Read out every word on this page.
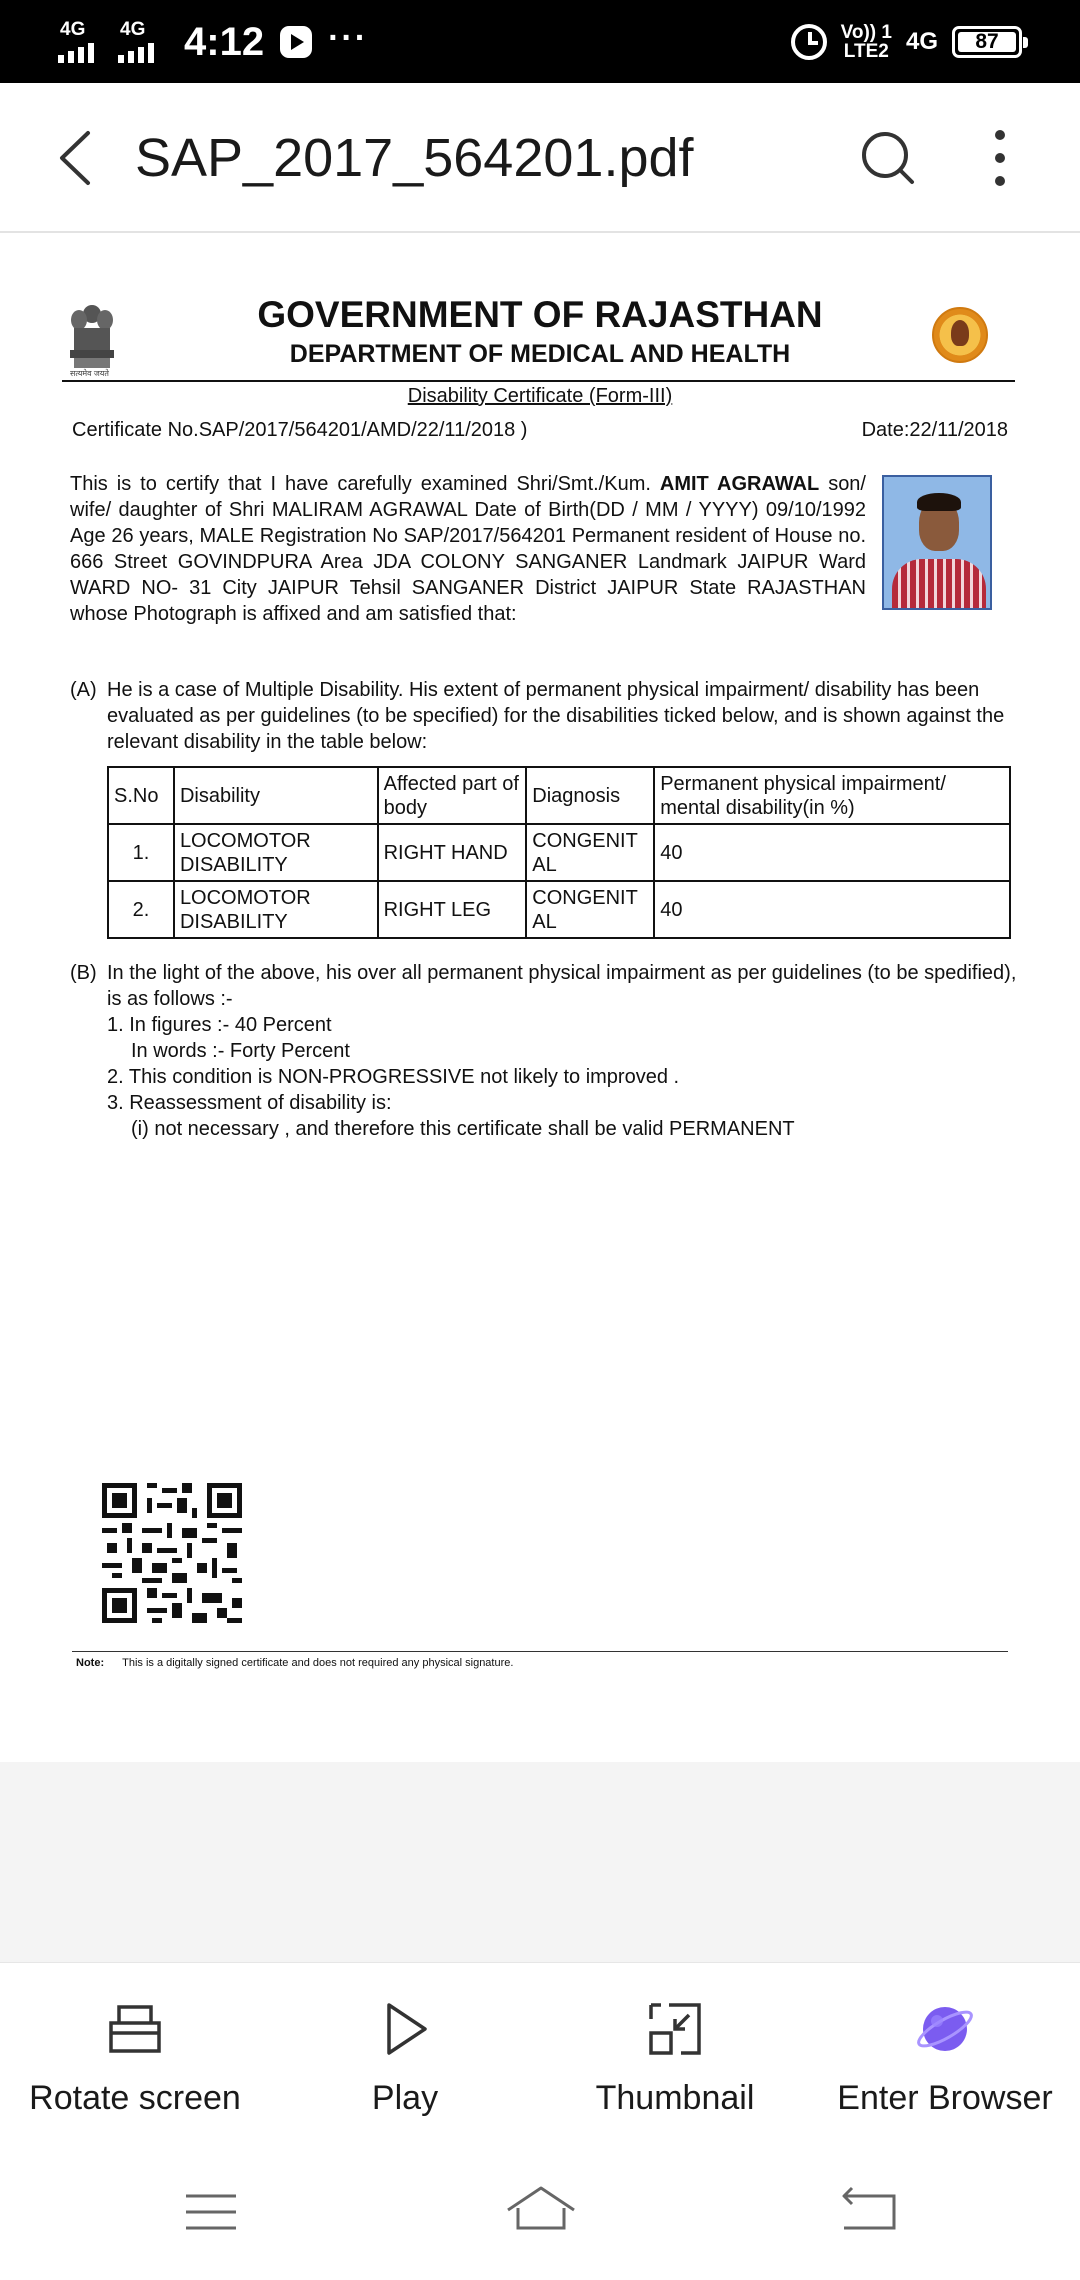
4G 4G 4:12 ···	Vo)) 1
LTE2 4G 87
SAP_2017_564201.pdf
सत्यमेव जयते
GOVERNMENT OF RAJASTHAN
DEPARTMENT OF MEDICAL AND HEALTH
Disability Certificate (Form-III)
Certificate No.SAP/2017/564201/AMD/22/11/2018 )	Date:22/11/2018
This is to certify that I have carefully examined Shri/Smt./Kum. AMIT AGRAWAL son/ wife/ daughter of Shri MALIRAM AGRAWAL Date of Birth(DD / MM / YYYY) 09/10/1992 Age 26 years, MALE Registration No SAP/2017/564201 Permanent resident of House no. 666 Street GOVINDPURA Area JDA COLONY SANGANER Landmark JAIPUR Ward WARD NO- 31 City JAIPUR Tehsil SANGANER District JAIPUR State RAJASTHAN whose Photograph is affixed and am satisfied that:
(A) He is a case of Multiple Disability. His extent of permanent physical impairment/ disability has been evaluated as per guidelines (to be specified) for the disabilities ticked below, and is shown against the relevant disability in the table below:
S.No	Disability	Affected part of body	Diagnosis	Permanent physical impairment/ mental disability(in %)
1.	LOCOMOTOR DISABILITY	RIGHT HAND	CONGENIT AL	40
2.	LOCOMOTOR DISABILITY	RIGHT LEG	CONGENIT AL	40
(B) In the light of the above, his over all permanent physical impairment as per guidelines (to be spedified), is as follows :-
1. In figures :- 40 Percent
In words :- Forty Percent
2. This condition is NON-PROGRESSIVE not likely to improved .
3. Reassessment of disability is:
(i) not necessary , and therefore this certificate shall be valid PERMANENT
Note: This is a digitally signed certificate and does not required any physical signature.
Rotate screen	Play	Thumbnail	Enter Browser
